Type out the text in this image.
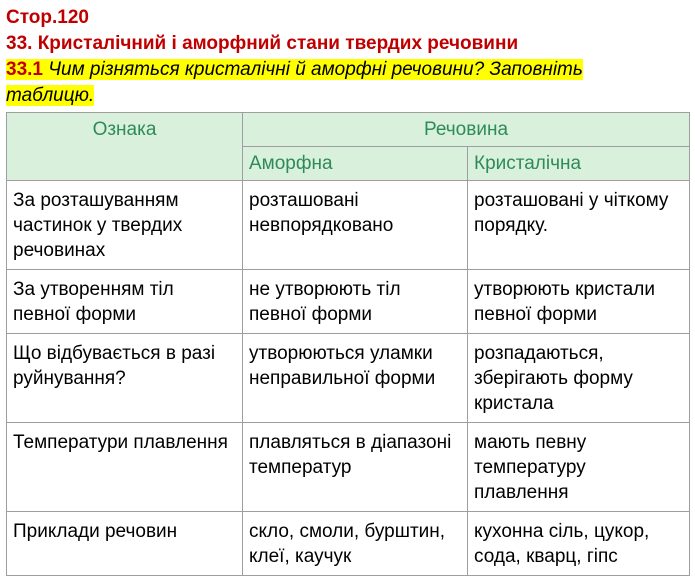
Стор.120
33. Кристалічний і аморфний стани твердих речовини
33.1 Чим різняться кристалічні й аморфні речовини? Заповніть
таблицю.
Ознака	Речовина	
	Аморфна	Кристалічна
За розташуванням частинок у твердих речовинах	розташовані невпорядковано	розташовані у чіткому порядку.
За утворенням тіл певної форми	не утворюють тіл певної форми	утворюють кристали певної форми
Що відбувається в разі руйнування?	утворюються уламки неправильної форми	розпадаються, зберігають форму кристала
Температури плавлення	плавляться в діапазоні температур	мають певну температуру плавлення
Приклади речовин	скло, смоли, бурштин, клеї, каучук	кухонна сіль, цукор, сода, кварц, гіпс
